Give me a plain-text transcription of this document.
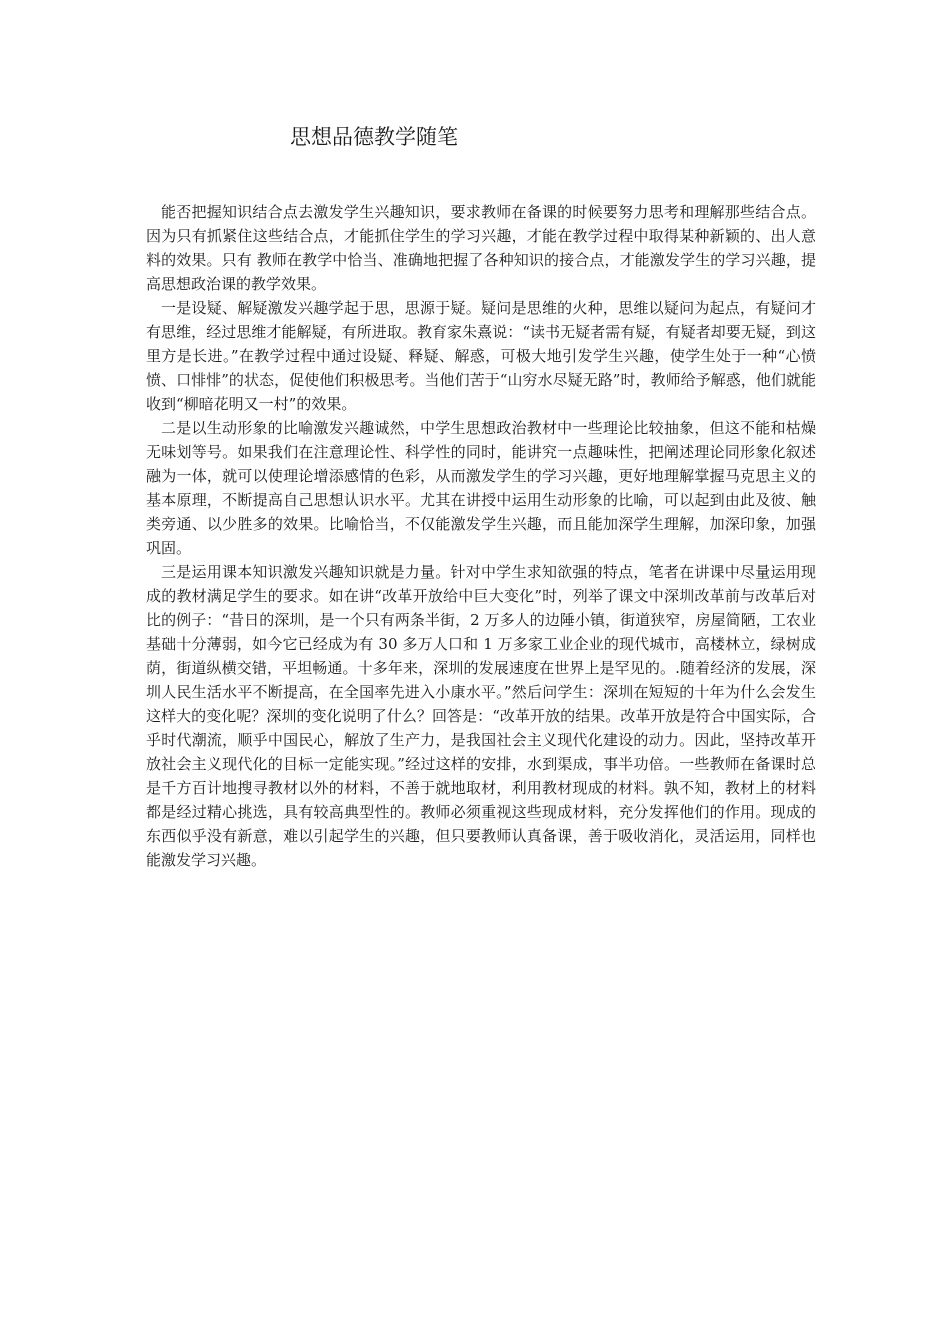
思想品德教学随笔

能否把握知识结合点去激发学生兴趣知识，要求教师在备课的时候要努力思考和理解那些结合点。因为只有抓紧住这些结合点，才能抓住学生的学习兴趣，才能在教学过程中取得某种新颖的、出人意料的效果。只有 教师在教学中恰当、准确地把握了各种知识的接合点，才能激发学生的学习兴趣，提高思想政治课的教学效果。

一是设疑、解疑激发兴趣学起于思，思源于疑。疑问是思维的火种，思维以疑问为起点，有疑问才有思维，经过思维才能解疑，有所进取。教育家朱熹说：“读书无疑者需有疑，有疑者却要无疑，到这里方是长进。”在教学过程中通过设疑、释疑、解惑，可极大地引发学生兴趣，使学生处于一种“心愤愤、口悱悱”的状态，促使他们积极思考。当他们苦于“山穷水尽疑无路”时，教师给予解惑，他们就能收到“柳暗花明又一村”的效果。

二是以生动形象的比喻激发兴趣诚然，中学生思想政治教材中一些理论比较抽象，但这不能和枯燥 无味划等号。如果我们在注意理论性、科学性的同时，能讲究一点趣味性，把阐述理论同形象化叙述融为一体，就可以使理论增添感情的色彩，从而激发学生的学习兴趣，更好地理解掌握马克思主义的基本原理，不断提高自己思想认识水平。尤其在讲授中运用生动形象的比喻，可以起到由此及彼、触类旁通、以少胜多的效果。比喻恰当，不仅能激发学生兴趣，而且能加深学生理解，加深印象，加强巩固。

三是运用课本知识激发兴趣知识就是力量。针对中学生求知欲强的特点，笔者在讲课中尽量运用现成的教材满足学生的要求。如在讲“改革开放给中巨大变化”时，列举了课文中深圳改革前与改革后对比的例子：“昔日的深圳，是一个只有两条半街，2 万多人的边陲小镇，街道狭窄，房屋简陋，工农业基础十分薄弱，如今它已经成为有 30 多万人口和 1 万多家工业企业的现代城市，高楼林立，绿树成荫，街道纵横交错，平坦畅通。十多年来，深圳的发展速度在世界上是罕见的。.随着经济的发展，深圳人民生活水平不断提高，在全国率先进入小康水平。”然后问学生：深圳在短短的十年为什么会发生这样大的变化呢？深圳的变化说明了什么？回答是：“改革开放的结果。改革开放是符合中国实际，合乎时代潮流，顺乎中国民心，解放了生产力，是我国社会主义现代化建设的动力。因此，坚持改革开放社会主义现代化的目标一定能实现。”经过这样的安排，水到渠成，事半功倍。一些教师在备课时总是千方百计地搜寻教材以外的材料，不善于就地取材，利用教材现成的材料。孰不知，教材上的材料都是经过精心挑选，具有较高典型性的。教师必须重视这些现成材料，充分发挥他们的作用。现成的东西似乎没有新意，难以引起学生的兴趣，但只要教师认真备课，善于吸收消化，灵活运用，同样也能激发学习兴趣。
